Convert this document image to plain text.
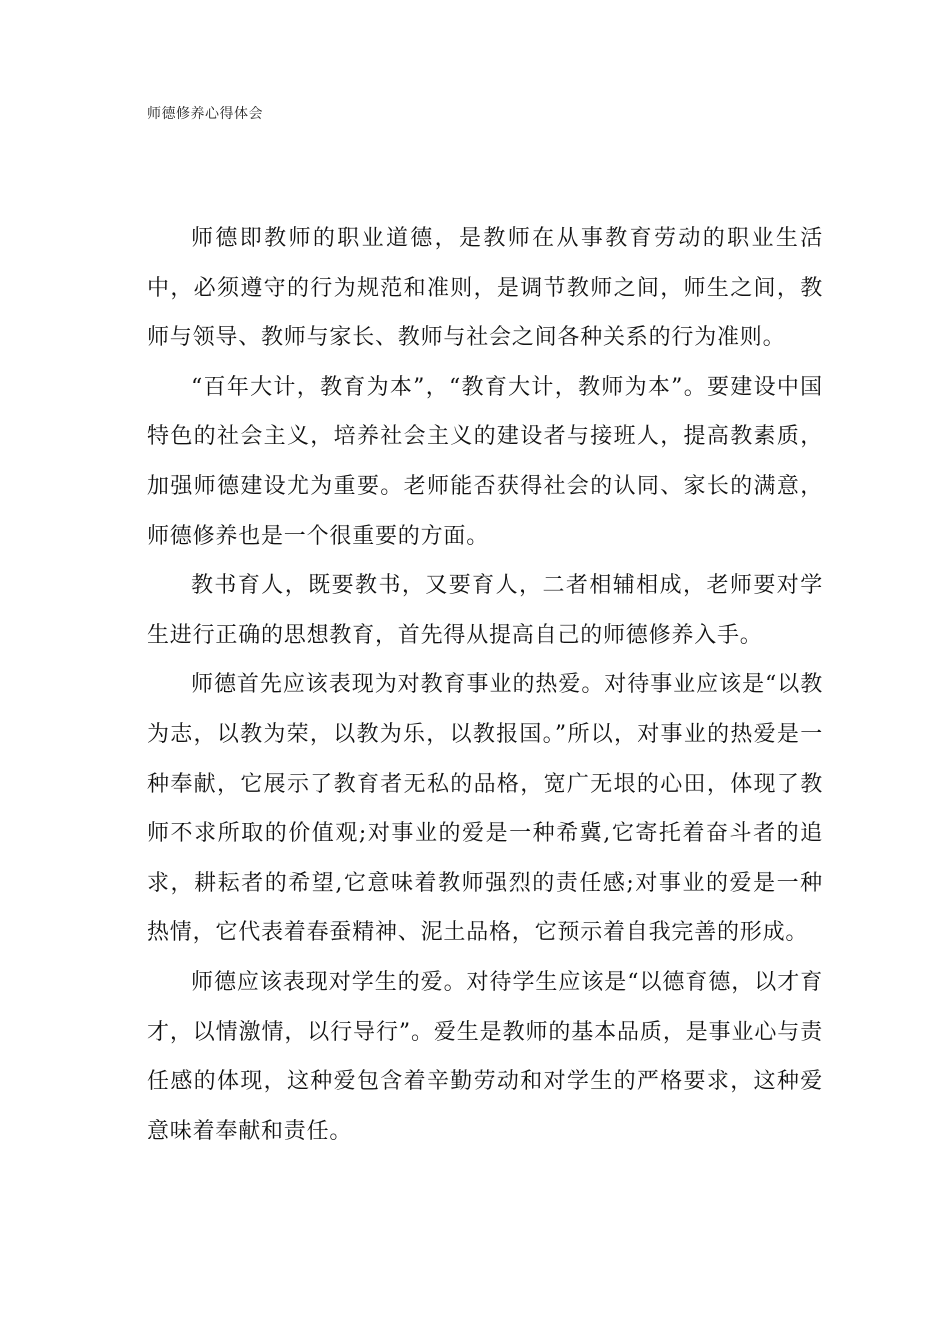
师德修养心得体会

师德即教师的职业道德，是教师在从事教育劳动的职业生活中，必须遵守的行为规范和准则，是调节教师之间，师生之间，教师与领导、教师与家长、教师与社会之间各种关系的行为准则。

“百年大计，教育为本”，“教育大计，教师为本”。要建设中国特色的社会主义，培养社会主义的建设者与接班人，提高教素质，加强师德建设尤为重要。老师能否获得社会的认同、家长的满意，师德修养也是一个很重要的方面。

教书育人，既要教书，又要育人，二者相辅相成，老师要对学生进行正确的思想教育，首先得从提高自己的师德修养入手。

师德首先应该表现为对教育事业的热爱。对待事业应该是“以教为志，以教为荣，以教为乐，以教报国。”所以，对事业的热爱是一种奉献，它展示了教育者无私的品格，宽广无垠的心田，体现了教师不求所取的价值观;对事业的爱是一种希冀,它寄托着奋斗者的追求，耕耘者的希望,它意味着教师强烈的责任感;对事业的爱是一种热情，它代表着春蚕精神、泥土品格，它预示着自我完善的形成。

师德应该表现对学生的爱。对待学生应该是“以德育德，以才育才，以情激情，以行导行”。爱生是教师的基本品质，是事业心与责任感的体现，这种爱包含着辛勤劳动和对学生的严格要求，这种爱意味着奉献和责任。
